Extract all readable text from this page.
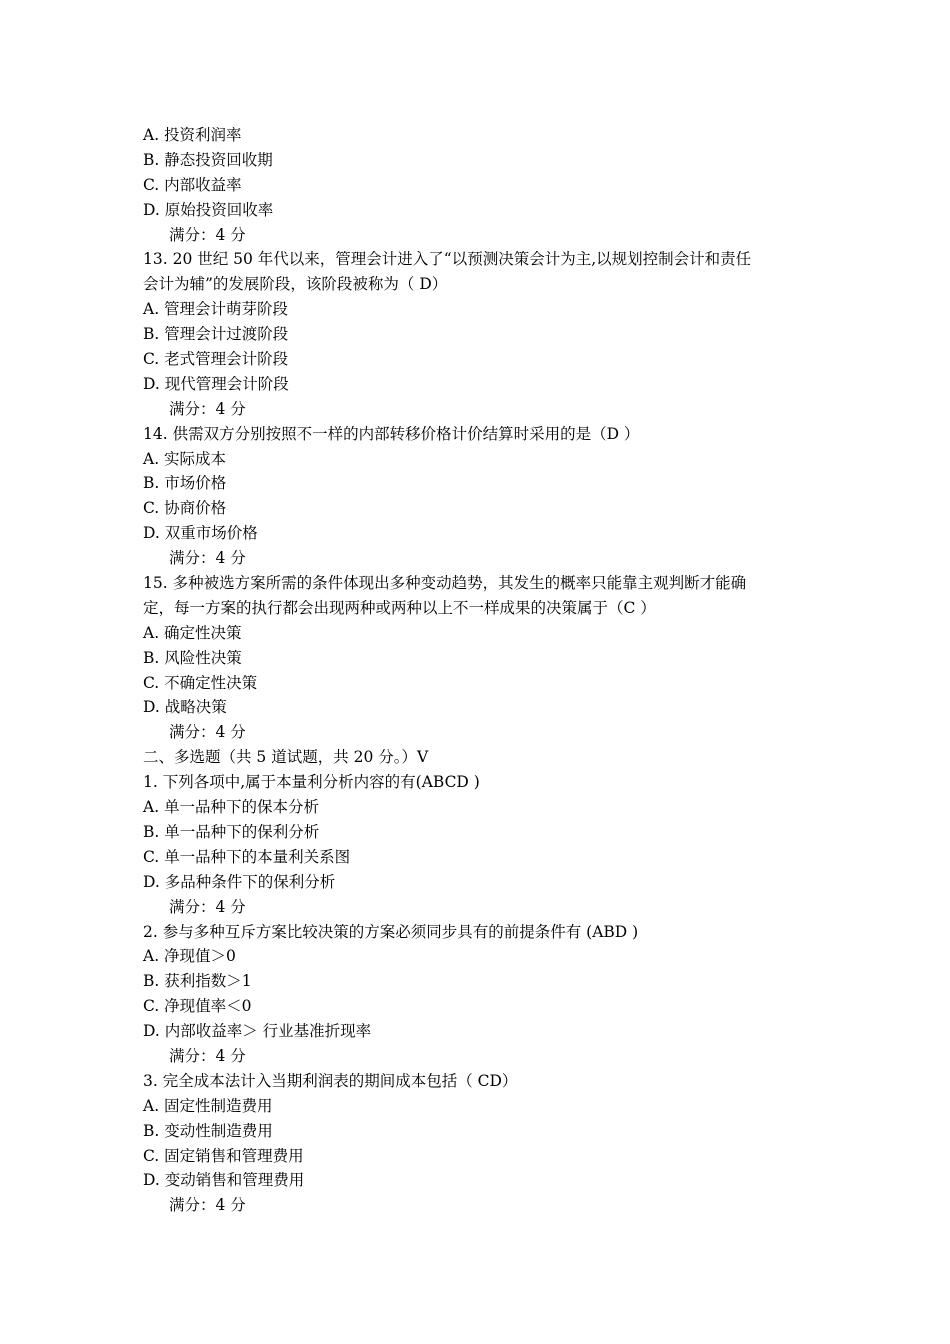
A. 投资利润率
B. 静态投资回收期
C. 内部收益率
D. 原始投资回收率
满分：4 分
13. 20 世纪 50 年代以来，管理会计进入了“以预测决策会计为主,以规划控制会计和责任
会计为辅”的发展阶段，该阶段被称为（ D）
A. 管理会计萌芽阶段
B. 管理会计过渡阶段
C. 老式管理会计阶段
D. 现代管理会计阶段
满分：4 分
14. 供需双方分别按照不一样的内部转移价格计价结算时采用的是（D ）
A. 实际成本
B. 市场价格
C. 协商价格
D. 双重市场价格
满分：4 分
15. 多种被选方案所需的条件体现出多种变动趋势，其发生的概率只能靠主观判断才能确
定，每一方案的执行都会出现两种或两种以上不一样成果的决策属于（C ）
A. 确定性决策
B. 风险性决策
C. 不确定性决策
D. 战略决策
满分：4 分
二、多选题（共 5 道试题，共 20 分。）V
1. 下列各项中,属于本量利分析内容的有(ABCD )
A. 单一品种下的保本分析
B. 单一品种下的保利分析
C. 单一品种下的本量利关系图
D. 多品种条件下的保利分析
满分：4 分
2. 参与多种互斥方案比较决策的方案必须同步具有的前提条件有 (ABD )
A. 净现值＞0
B. 获利指数＞1
C. 净现值率＜0
D. 内部收益率＞ 行业基准折现率
满分：4 分
3. 完全成本法计入当期利润表的期间成本包括（ CD）
A. 固定性制造费用
B. 变动性制造费用
C. 固定销售和管理费用
D. 变动销售和管理费用
满分：4 分
